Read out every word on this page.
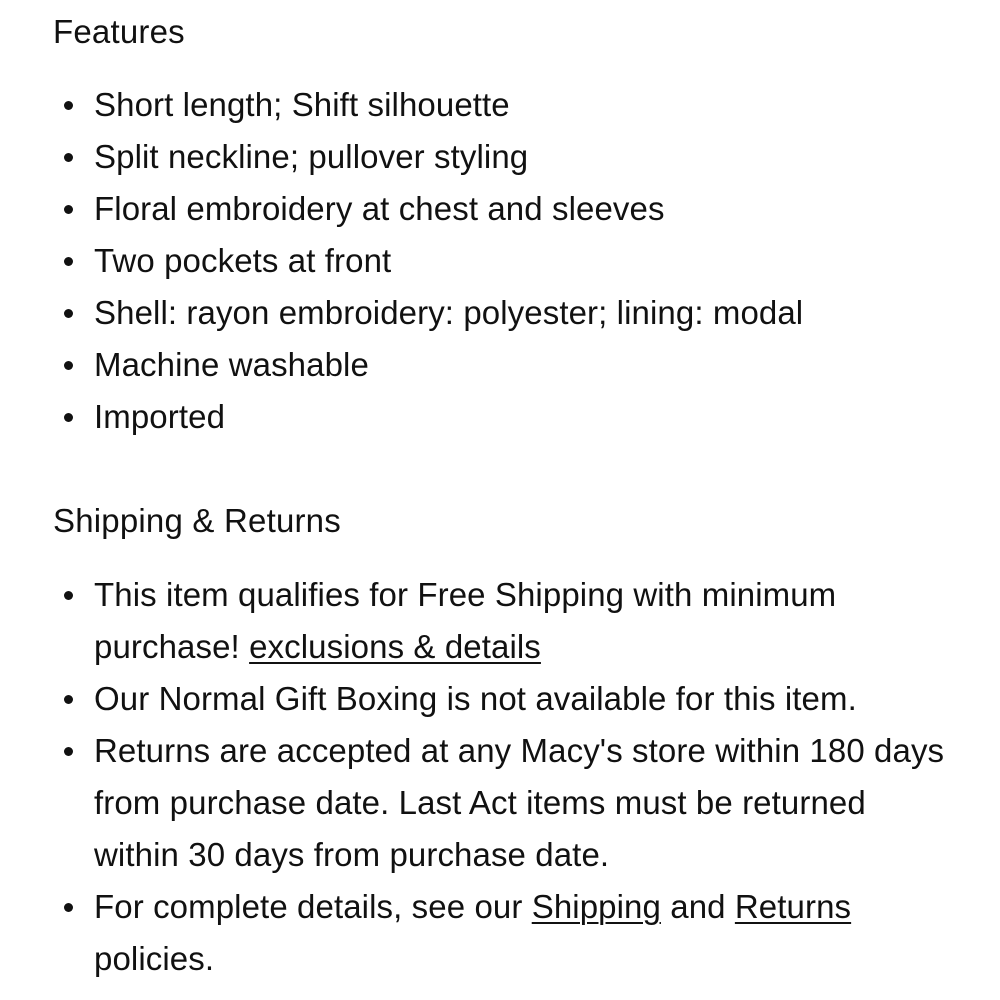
Features
Short length; Shift silhouette
Split neckline; pullover styling
Floral embroidery at chest and sleeves
Two pockets at front
Shell: rayon embroidery: polyester; lining: modal
Machine washable
Imported
Shipping & Returns
This item qualifies for Free Shipping with minimum purchase! exclusions & details
Our Normal Gift Boxing is not available for this item.
Returns are accepted at any Macy's store within 180 days from purchase date. Last Act items must be returned within 30 days from purchase date.
For complete details, see our Shipping and Returns policies.
